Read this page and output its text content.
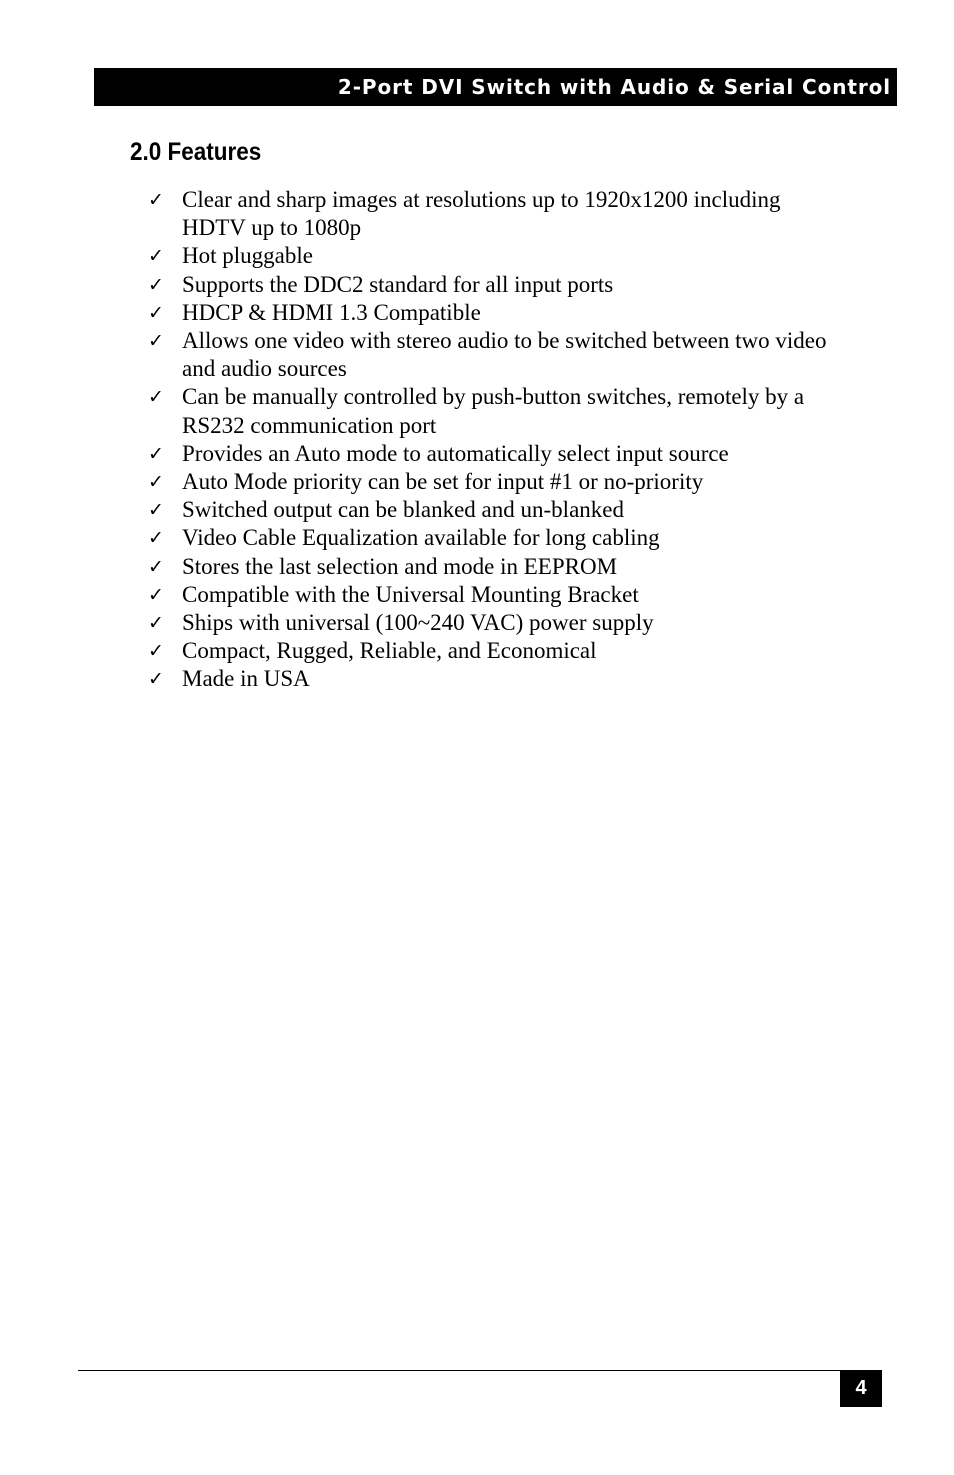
2-Port DVI Switch with Audio & Serial Control
2.0 Features
✓ Clear and sharp images at resolutions up to 1920x1200 including HDTV up to 1080p
✓ Hot pluggable
✓ Supports the DDC2 standard for all input ports
✓ HDCP & HDMI 1.3 Compatible
✓ Allows one video with stereo audio to be switched between two video and audio sources
✓ Can be manually controlled by push-button switches, remotely by a RS232 communication port
✓ Provides an Auto mode to automatically select input source
✓ Auto Mode priority can be set for input #1 or no-priority
✓ Switched output can be blanked and un-blanked
✓ Video Cable Equalization available for long cabling
✓ Stores the last selection and mode in EEPROM
✓ Compatible with the Universal Mounting Bracket
✓ Ships with universal (100~240 VAC) power supply
✓ Compact, Rugged, Reliable, and Economical
✓ Made in USA
4
